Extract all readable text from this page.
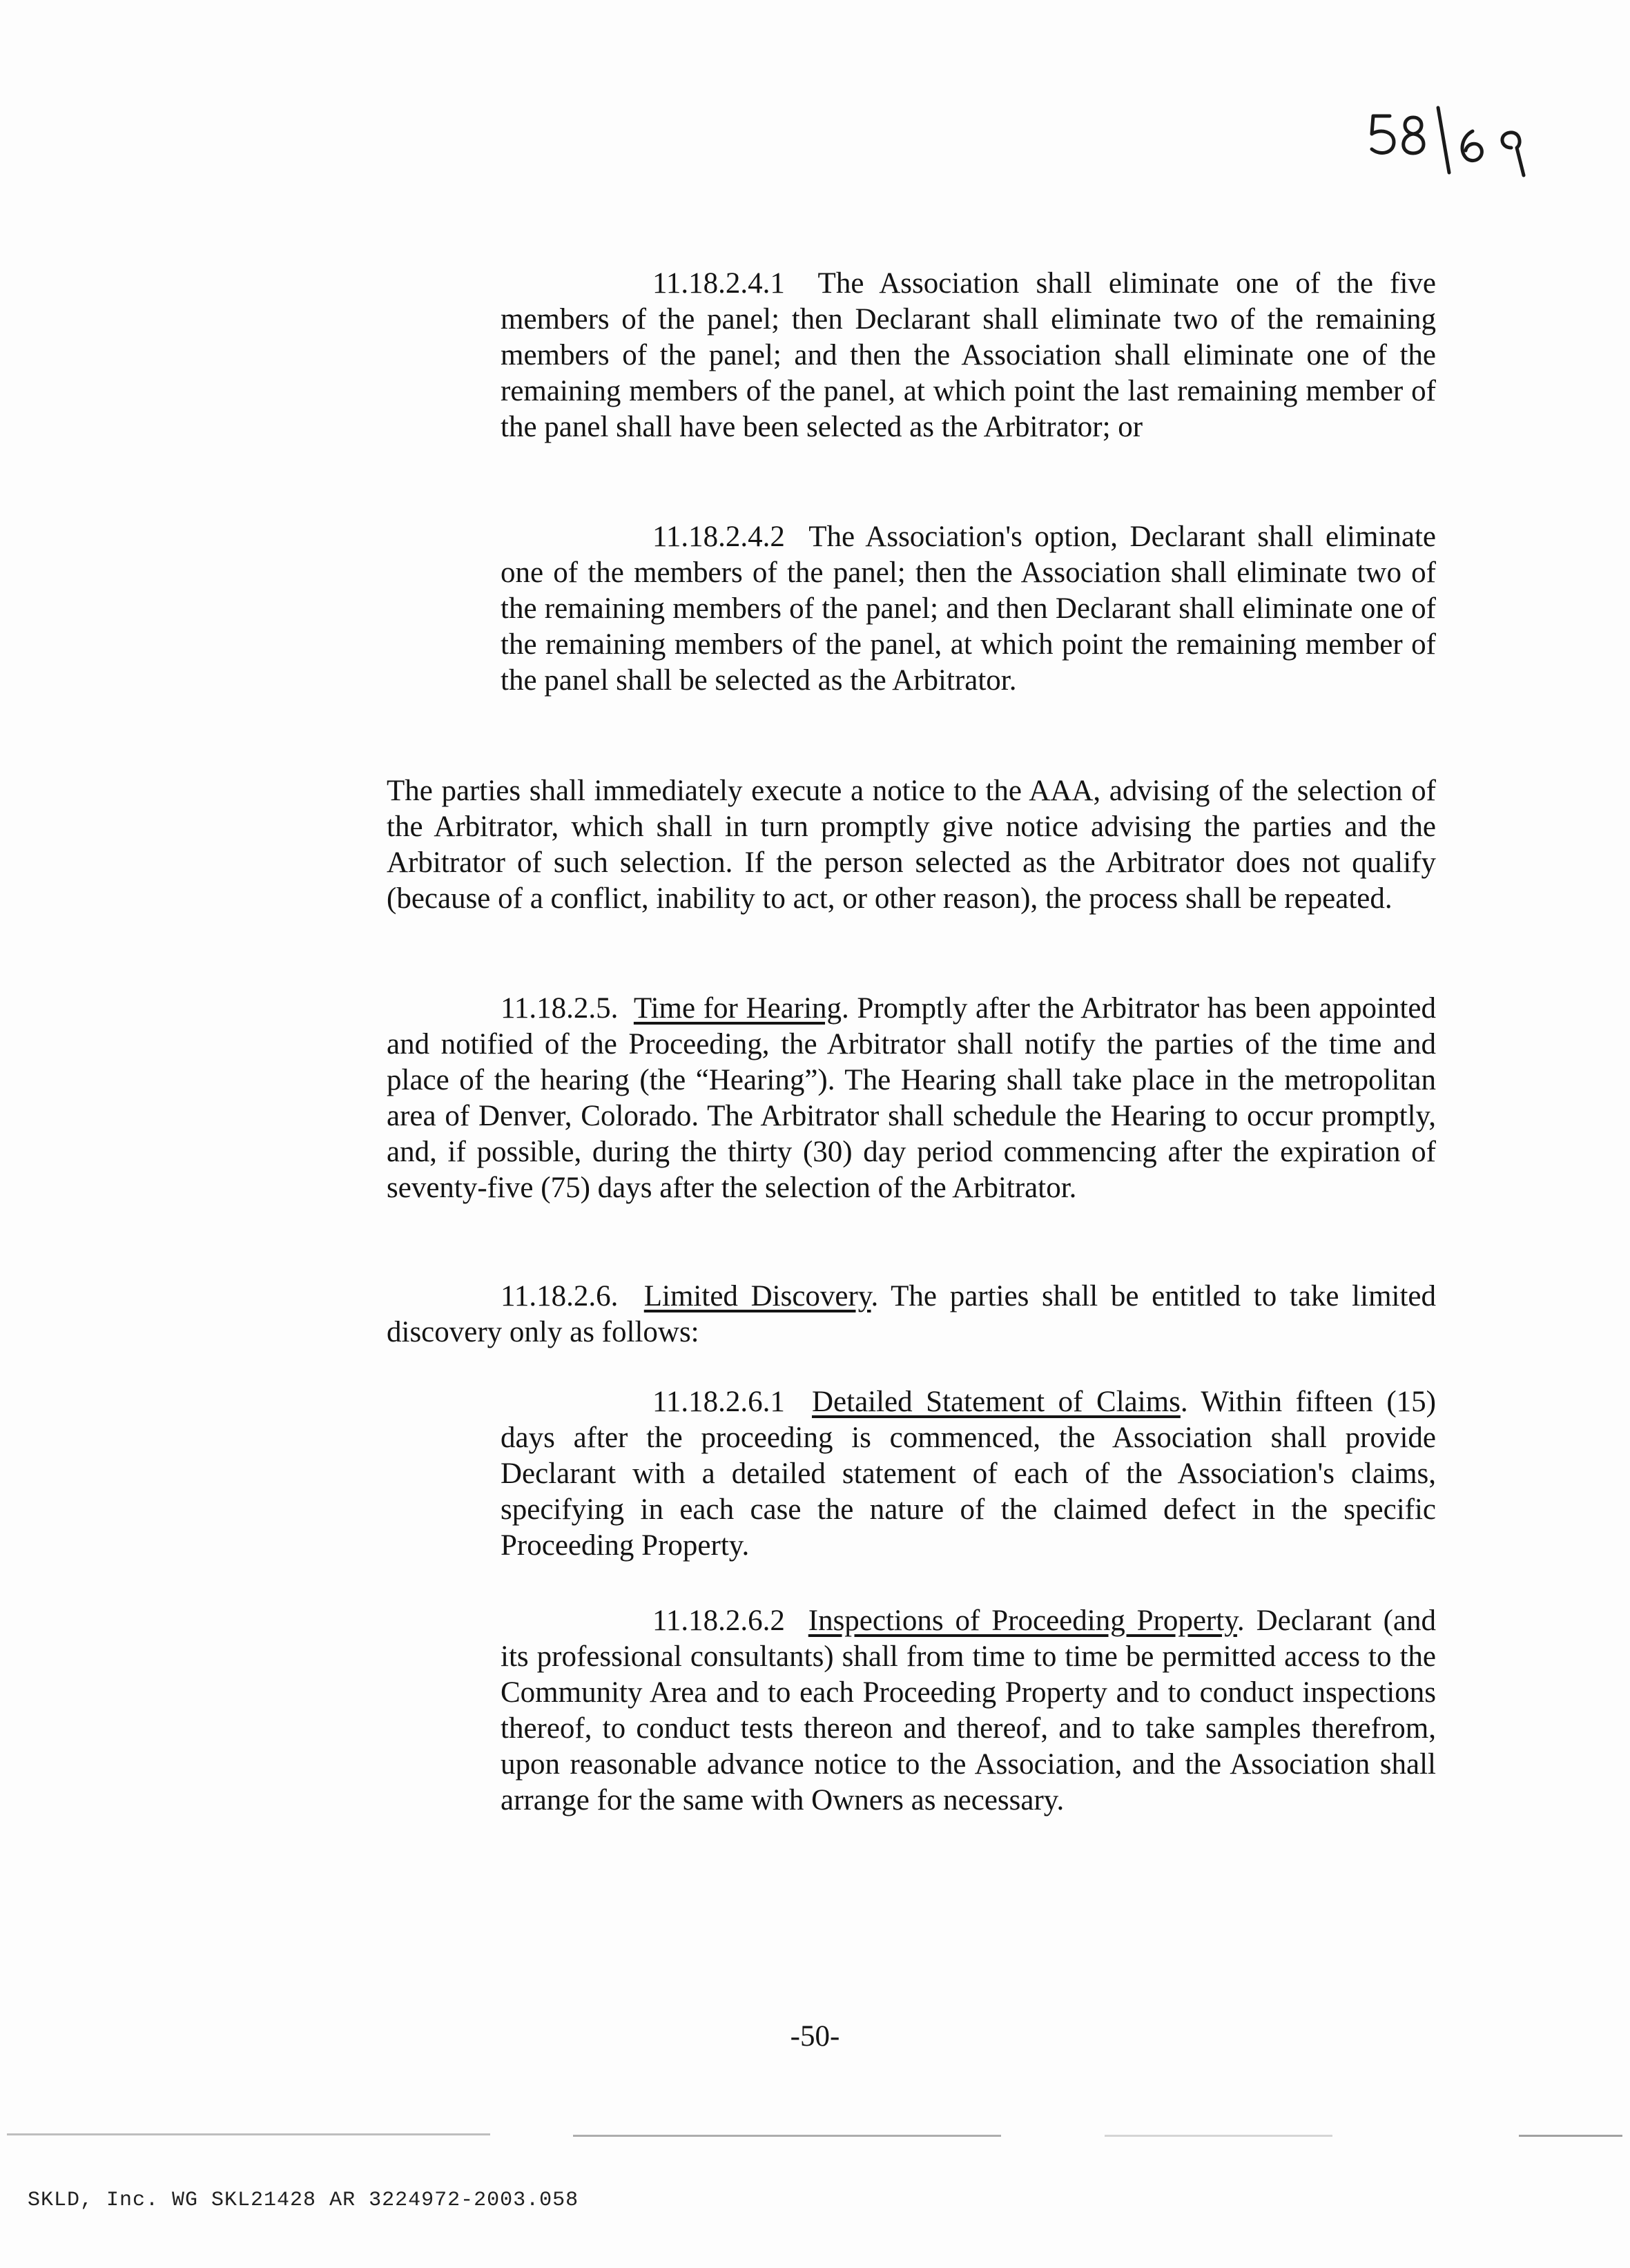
11.18.2.4.1 The Association shall eliminate one of the five members of the panel; then Declarant shall eliminate two of the remaining members of the panel; and then the Association shall eliminate one of the remaining members of the panel, at which point the last remaining member of the panel shall have been selected as the Arbitrator; or

11.18.2.4.2 The Association's option, Declarant shall eliminate one of the members of the panel; then the Association shall eliminate two of the remaining members of the panel; and then Declarant shall eliminate one of the remaining members of the panel, at which point the remaining member of the panel shall be selected as the Arbitrator.

The parties shall immediately execute a notice to the AAA, advising of the selection of the Arbitrator, which shall in turn promptly give notice advising the parties and the Arbitrator of such selection. If the person selected as the Arbitrator does not qualify (because of a conflict, inability to act, or other reason), the process shall be repeated.

11.18.2.5. Time for Hearing. Promptly after the Arbitrator has been appointed and notified of the Proceeding, the Arbitrator shall notify the parties of the time and place of the hearing (the “Hearing”). The Hearing shall take place in the metropolitan area of Denver, Colorado. The Arbitrator shall schedule the Hearing to occur promptly, and, if possible, during the thirty (30) day period commencing after the expiration of seventy-five (75) days after the selection of the Arbitrator.

11.18.2.6. Limited Discovery. The parties shall be entitled to take limited discovery only as follows:

11.18.2.6.1 Detailed Statement of Claims. Within fifteen (15) days after the proceeding is commenced, the Association shall provide Declarant with a detailed statement of each of the Association's claims, specifying in each case the nature of the claimed defect in the specific Proceeding Property.

11.18.2.6.2 Inspections of Proceeding Property. Declarant (and its professional consultants) shall from time to time be permitted access to the Community Area and to each Proceeding Property and to conduct inspections thereof, to conduct tests thereon and thereof, and to take samples therefrom, upon reasonable advance notice to the Association, and the Association shall arrange for the same with Owners as necessary.

-50-
SKLD, Inc. WG SKL21428 AR 3224972-2003.058
